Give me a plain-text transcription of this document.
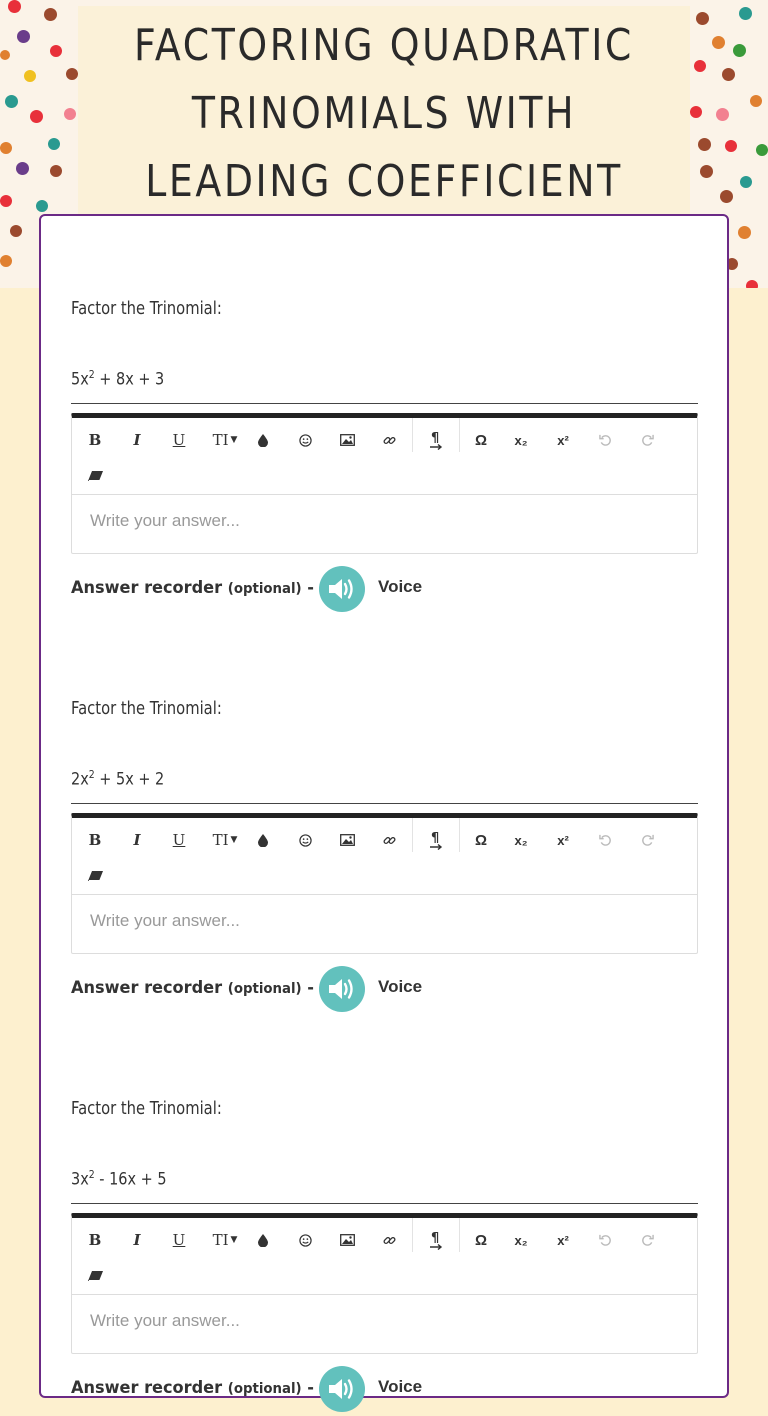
FACTORING QUADRATIC TRINOMIALS WITH LEADING COEFFICIENT
Factor the Trinomial:
$5x^2 + 8x + 3$
B	I	U	TI ▼	¶	Ω	x₂	x²
Write your answer...
Answer recorder (optional) -	Voice
Factor the Trinomial:
$2x^2 + 5x + 2$
B	I	U	TI ▼	¶	Ω	x₂	x²
Write your answer...
Answer recorder (optional) -	Voice
Factor the Trinomial:
$3x^2 - 16x + 5$
B	I	U	TI ▼	¶	Ω	x₂	x²
Write your answer...
Answer recorder (optional) -	Voice
